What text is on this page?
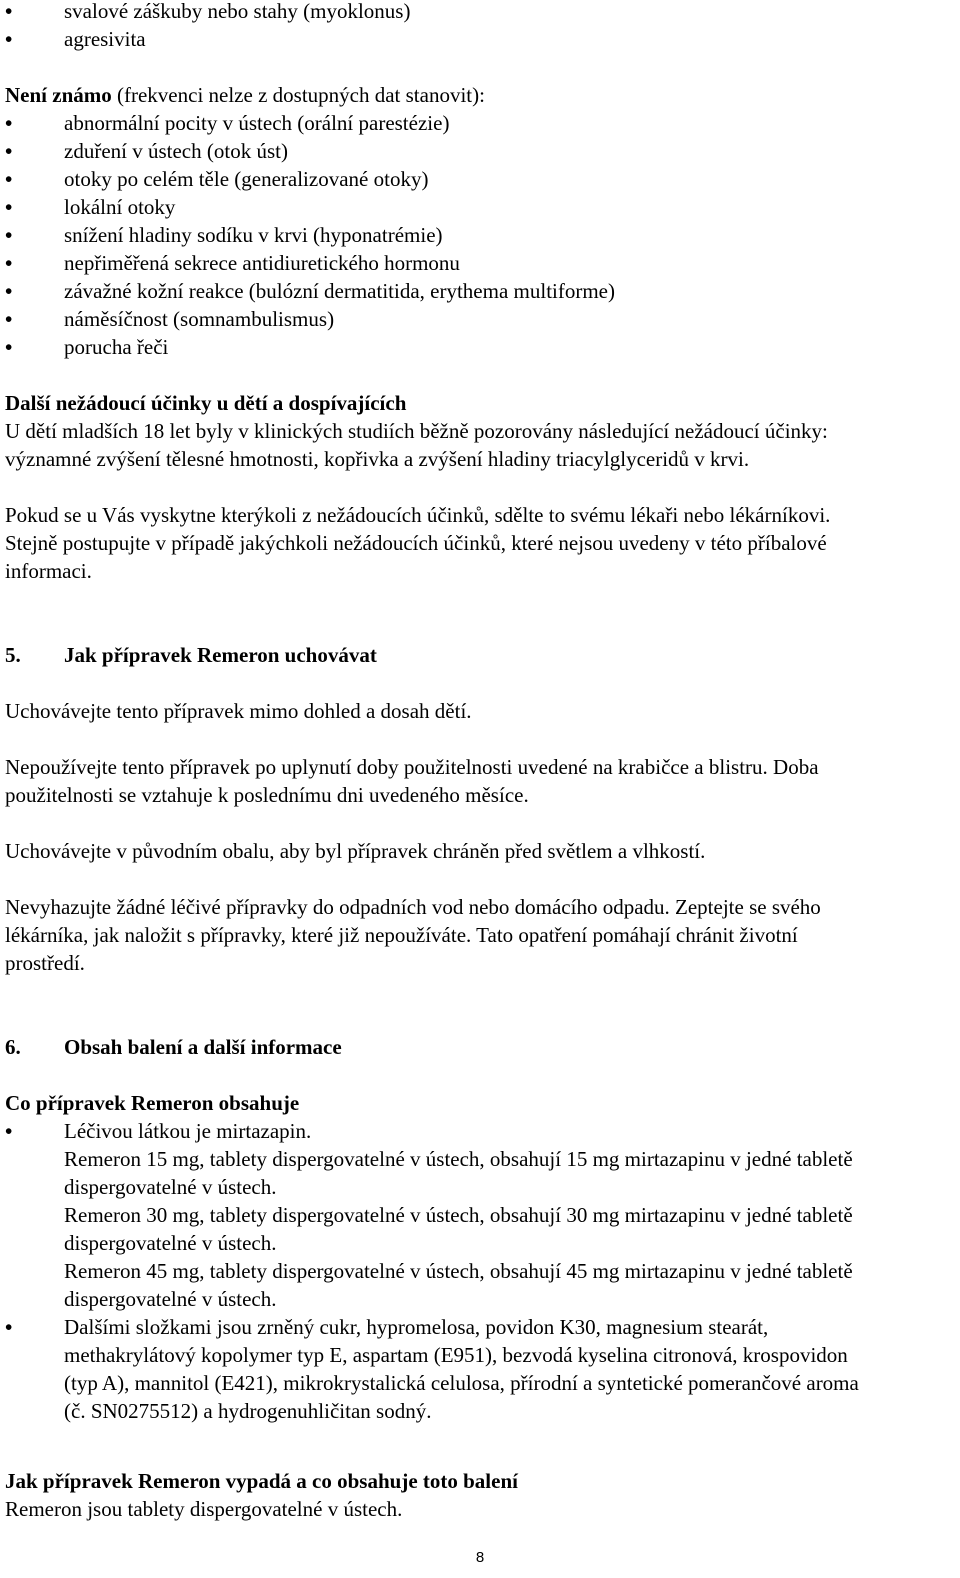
•
svalové záškuby nebo stahy (myoklonus)
•
agresivita

Není známo (frekvenci nelze z dostupných dat stanovit):

•
abnormální pocity v ústech (orální parestézie)
•
zduření v ústech (otok úst)
•
otoky po celém těle (generalizované otoky)
•
lokální otoky
•
snížení hladiny sodíku v krvi (hyponatrémie)
•
nepřiměřená sekrece antidiuretického hormonu
•
závažné kožní reakce (bulózní dermatitida, erythema multiforme)
•
náměsíčnost (somnambulismus)
•
porucha řeči

Další nežádoucí účinky u dětí a dospívajících

U dětí mladších 18 let byly v klinických studiích běžně pozorovány následující nežádoucí účinky:

významné zvýšení tělesné hmotnosti, kopřivka a zvýšení hladiny triacylglyceridů v krvi.

Pokud se u Vás vyskytne kterýkoli z nežádoucích účinků, sdělte to svému lékaři nebo lékárníkovi.

Stejně postupujte v případě jakýchkoli nežádoucích účinků, které nejsou uvedeny v této příbalové

informaci.

5. Jak přípravek Remeron uchovávat

Uchovávejte tento přípravek mimo dohled a dosah dětí.

Nepoužívejte tento přípravek po uplynutí doby použitelnosti uvedené na krabičce a blistru. Doba

použitelnosti se vztahuje k poslednímu dni uvedeného měsíce.

Uchovávejte v původním obalu, aby byl přípravek chráněn před světlem a vlhkostí.

Nevyhazujte žádné léčivé přípravky do odpadních vod nebo domácího odpadu. Zeptejte se svého

lékárníka, jak naložit s přípravky, které již nepoužíváte. Tato opatření pomáhají chránit životní

prostředí.

6. Obsah balení a další informace

Co přípravek Remeron obsahuje

•
Léčivou látkou je mirtazapin.
Remeron 15 mg, tablety dispergovatelné v ústech, obsahují 15 mg mirtazapinu v jedné tabletě
dispergovatelné v ústech.
Remeron 30 mg, tablety dispergovatelné v ústech, obsahují 30 mg mirtazapinu v jedné tabletě
dispergovatelné v ústech.
Remeron 45 mg, tablety dispergovatelné v ústech, obsahují 45 mg mirtazapinu v jedné tabletě
dispergovatelné v ústech.
•
Dalšími složkami jsou zrněný cukr, hypromelosa, povidon K30, magnesium stearát,
methakrylátový kopolymer typ E, aspartam (E951), bezvodá kyselina citronová, krospovidon
(typ A), mannitol (E421), mikrokrystalická celulosa, přírodní a syntetické pomerančové aroma
(č. SN0275512) a hydrogenuhličitan sodný.

Jak přípravek Remeron vypadá a co obsahuje toto balení

Remeron jsou tablety dispergovatelné v ústech.

8
